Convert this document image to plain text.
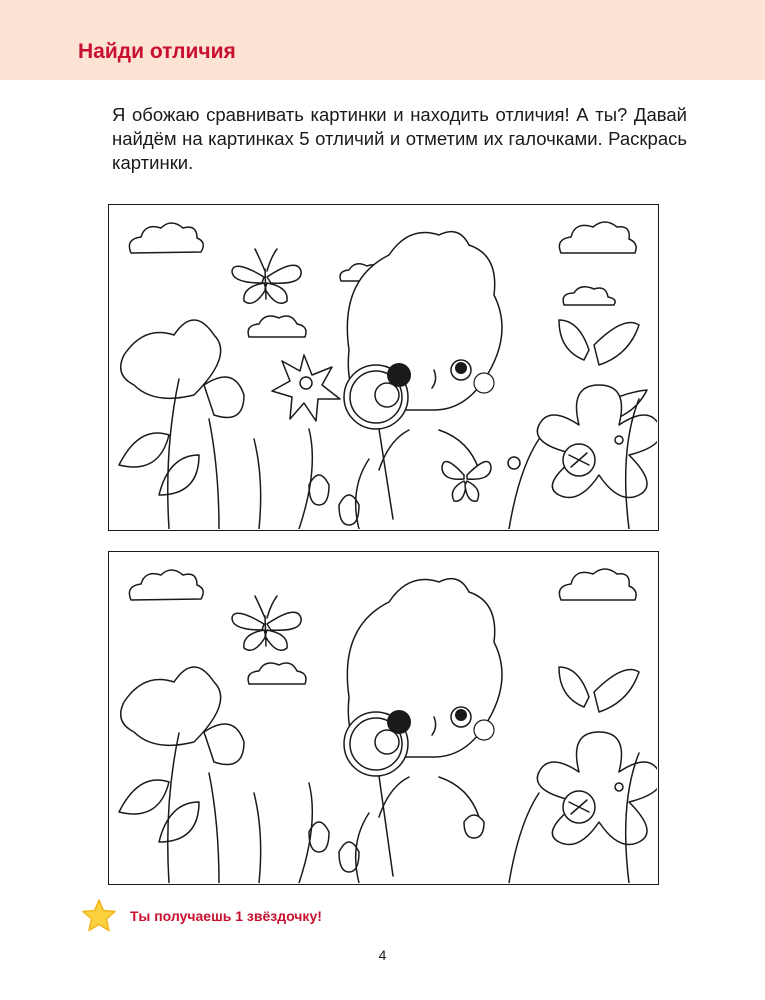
Найди отличия
Я обожаю сравнивать картинки и находить отличия! А ты? Давай найдём на картинках 5 отличий и отметим их галочками. Раскрась картинки.
Ты получаешь 1 звёздочку!
4
